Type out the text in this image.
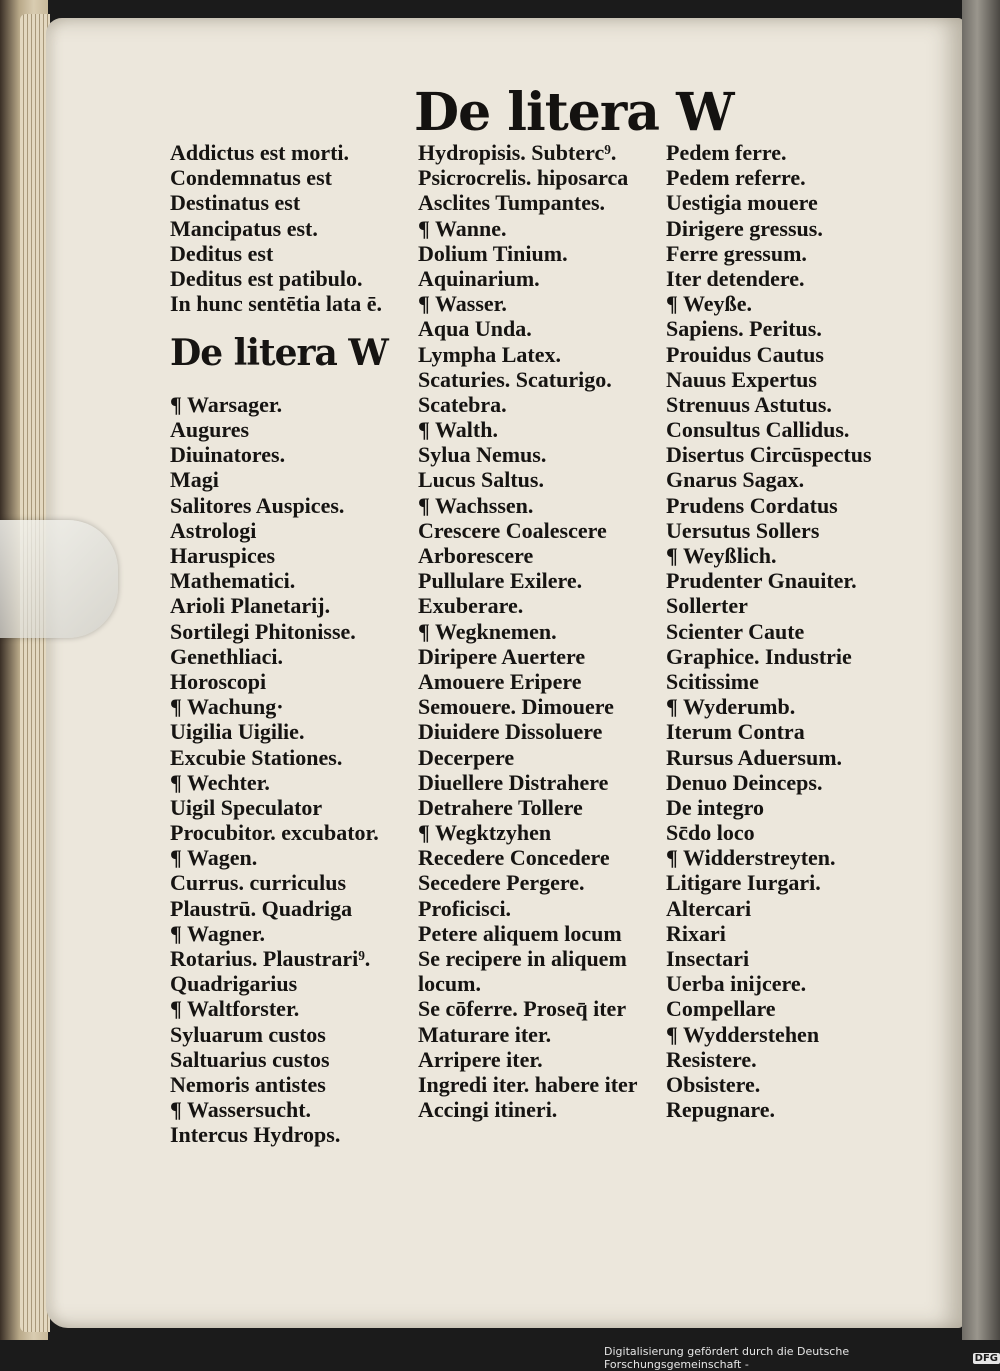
De litera W
Addictus est morti.
Condemnatus est
Destinatus est
Mancipatus est.
Deditus est
Deditus est patibulo.
In hunc sentētia lata ē.
De litera W
¶ Warsager.
Augures
Diuinatores.
Magi
Salitores Auspices.
Astrologi
Haruspices
Mathematici.
Arioli Planetarij.
Sortilegi Phitonisse.
Genethliaci.
Horoscopi
¶ Wachung·
Uigilia Uigilie.
Excubie Stationes.
¶ Wechter.
Uigil Speculator
Procubitor. excubator.
¶ Wagen.
Currus. curriculus
Plaustrū. Quadriga
¶ Wagner.
Rotarius. Plaustrari⁹.
Quadrigarius
¶ Waltforster.
Syluarum custos
Saltuarius custos
Nemoris antistes
¶ Wassersucht.
Intercus Hydrops.
Hydropisis. Subterc⁹.
Psicrocrelis. hiposarca
Asclites Tumpantes.
¶ Wanne.
Dolium Tinium.
Aquinarium.
¶ Wasser.
Aqua Unda.
Lympha Latex.
Scaturies. Scaturigo.
Scatebra.
¶ Walth.
Sylua Nemus.
Lucus Saltus.
¶ Wachssen.
Crescere Coalescere
Arborescere
Pullulare Exilere.
Exuberare.
¶ Wegknemen.
Diripere Auertere
Amouere Eripere
Semouere. Dimouere
Diuidere Dissoluere
Decerpere
Diuellere Distrahere
Detrahere Tollere
¶ Wegktzyhen
Recedere Concedere
Secedere Pergere.
Proficisci.
Petere aliquem locum
Se recipere in aliquem
locum.
Se cōferre. Proseq̄ iter
Maturare iter.
Arripere iter.
Ingredi iter. habere iter
Accingi itineri.
Pedem ferre.
Pedem referre.
Uestigia mouere
Dirigere gressus.
Ferre gressum.
Iter detendere.
¶ Weyße.
Sapiens. Peritus.
Prouidus Cautus
Nauus Expertus
Strenuus Astutus.
Consultus Callidus.
Disertus Circūspectus
Gnarus Sagax.
Prudens Cordatus
Uersutus Sollers
¶ Weyßlich.
Prudenter Gnauiter.
Sollerter
Scienter Caute
Graphice. Industrie
Scitissime
¶ Wyderumb.
Iterum Contra
Rursus Aduersum.
Denuo Deinceps.
De integro
Sc̄do loco
¶ Widderstreyten.
Litigare Iurgari.
Altercari
Rixari
Insectari
Uerba inijcere.
Compellare
¶ Wydderstehen
Resistere.
Obsistere.
Repugnare.
Digitalisierung gefördert durch die Deutsche Forschungsgemeinschaft -	DFG
